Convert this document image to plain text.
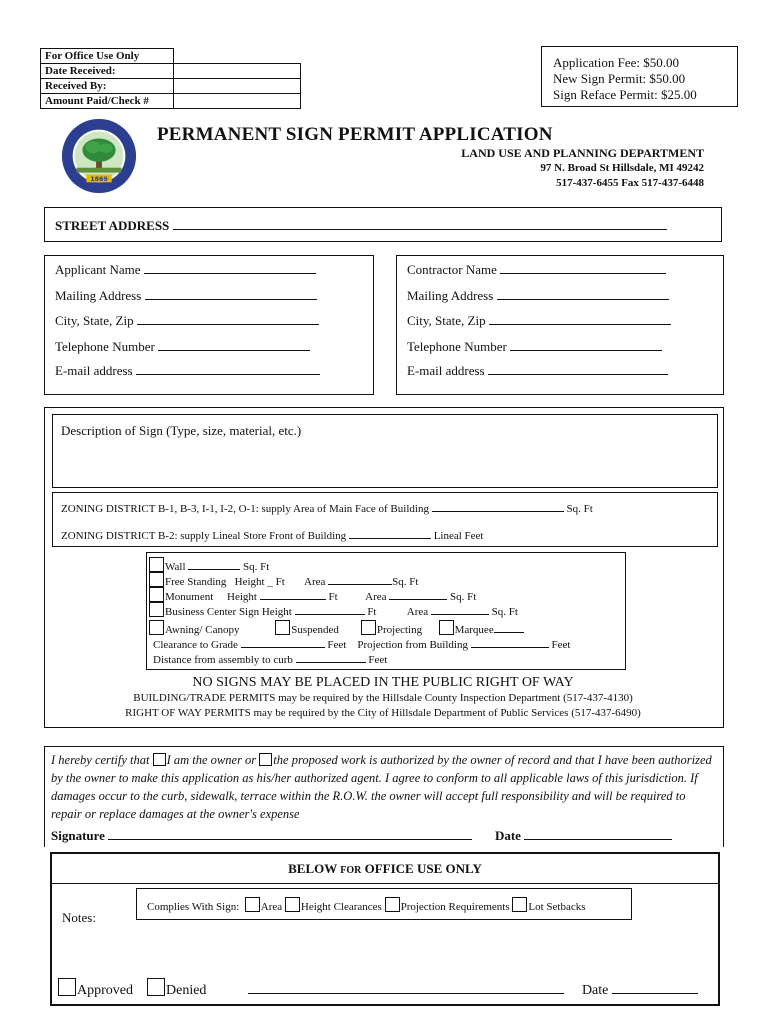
For Office Use Only	
Date Received:	
Received By:	
Amount Paid/Check #	
Application Fee: $50.00
New Sign Permit: $50.00
Sign Reface Permit: $25.00
1869
PERMANENT SIGN PERMIT APPLICATION
LAND USE AND PLANNING DEPARTMENT
97 N. Broad St Hillsdale, MI 49242
517-437-6455 Fax 517-437-6448
STREET ADDRESS
Applicant Name
Mailing Address
City, State, Zip
Telephone Number
E-mail address
Contractor Name
Mailing Address
City, State, Zip
Telephone Number
E-mail address
Description of Sign (Type, size, material, etc.)
ZONING DISTRICT B-1, B-3, I-1, I-2, O-1: supply Area of Main Face of Building	Sq. Ft
ZONING DISTRICT B-2: supply Lineal Store Front of Building	Lineal Feet
Wall	Sq. Ft
Free Standing Height _ Ft Area	Sq. Ft
Monument Height	Ft	Area	Sq. Ft
Business Center Sign Height	Ft	Area	Sq. Ft
Awning/ Canopy	Suspended	Projecting	Marquee
Clearance to Grade	Feet Projection from Building	Feet
Distance from assembly to curb	Feet
NO SIGNS MAY BE PLACED IN THE PUBLIC RIGHT OF WAY
BUILDING/TRADE PERMITS may be required by the Hillsdale County Inspection Department (517-437-4130)
RIGHT OF WAY PERMITS may be required by the City of Hillsdale Department of Public Services (517-437-6490)
I hereby certify that I am the owner or the proposed work is authorized by the owner of record and that I have been authorized by the owner to make this application as his/her authorized agent. I agree to conform to all applicable laws of this jurisdiction. If damages occur to the curb, sidewalk, terrace within the R.O.W. the owner will accept full responsibility and will be required to repair or replace damages at the owner's expense
Signature	Date
BELOW FOR OFFICE USE ONLY
Complies With Sign: Area Height Clearances Projection Requirements Lot Setbacks
Notes:
Approved Denied	Date
